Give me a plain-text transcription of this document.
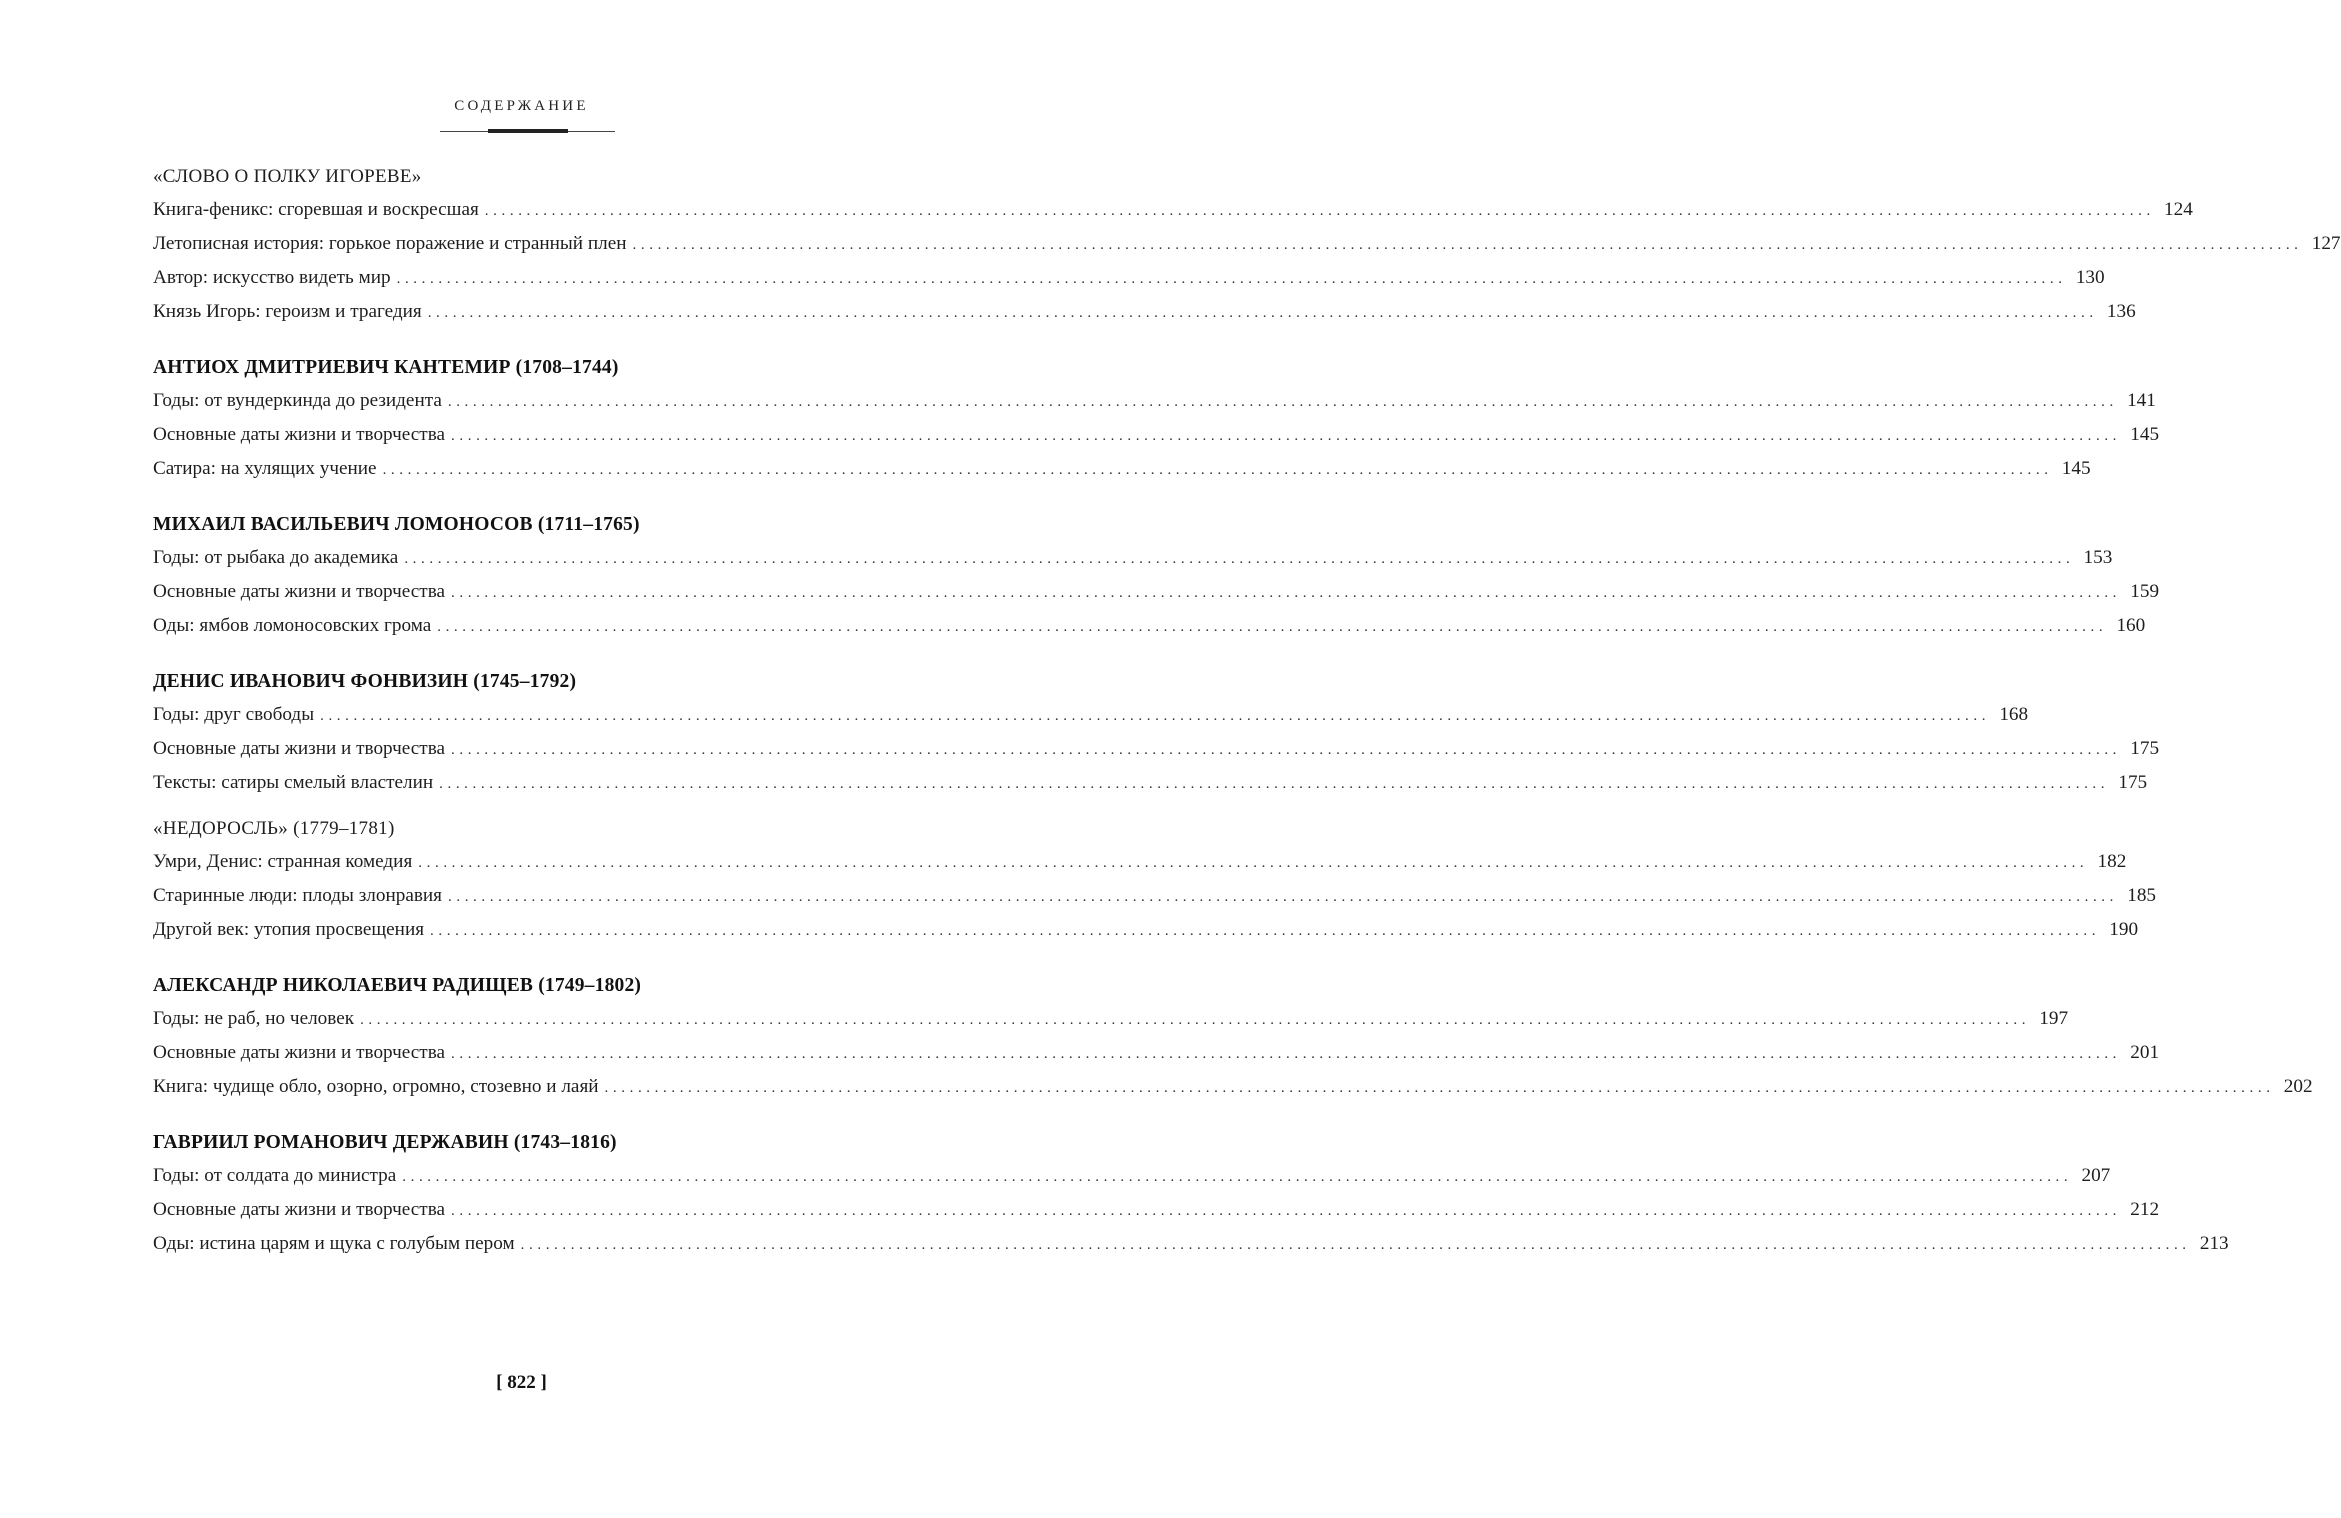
СОДЕРЖАНИЕ
«СЛОВО О ПОЛКУ ИГОРЕВЕ»
Книга-феникс: сгоревшая и воскресшая ........................................................................................................................................................................................................ 124
Летописная история: горькое поражение и странный плен ........................................................................................................................................................................................................ 127
Автор: искусство видеть мир ........................................................................................................................................................................................................ 130
Князь Игорь: героизм и трагедия ........................................................................................................................................................................................................ 136
АНТИОХ ДМИТРИЕВИЧ КАНТЕМИР (1708–1744)
Годы: от вундеркинда до резидента ........................................................................................................................................................................................................ 141
Основные даты жизни и творчества ........................................................................................................................................................................................................ 145
Сатира: на хулящих учение ........................................................................................................................................................................................................ 145
МИХАИЛ ВАСИЛЬЕВИЧ ЛОМОНОСОВ (1711–1765)
Годы: от рыбака до академика ........................................................................................................................................................................................................ 153
Основные даты жизни и творчества ........................................................................................................................................................................................................ 159
Оды: ямбов ломоносовских грома ........................................................................................................................................................................................................ 160
ДЕНИС ИВАНОВИЧ ФОНВИЗИН (1745–1792)
Годы: друг свободы ........................................................................................................................................................................................................ 168
Основные даты жизни и творчества ........................................................................................................................................................................................................ 175
Тексты: сатиры смелый властелин ........................................................................................................................................................................................................ 175
«НЕДОРОСЛЬ» (1779–1781)
Умри, Денис: странная комедия ........................................................................................................................................................................................................ 182
Старинные люди: плоды злонравия ........................................................................................................................................................................................................ 185
Другой век: утопия просвещения ........................................................................................................................................................................................................ 190
АЛЕКСАНДР НИКОЛАЕВИЧ РАДИЩЕВ (1749–1802)
Годы: не раб, но человек ........................................................................................................................................................................................................ 197
Основные даты жизни и творчества ........................................................................................................................................................................................................ 201
Книга: чудище обло, озорно, огромно, стозевно и лаяй ........................................................................................................................................................................................................ 202
ГАВРИИЛ РОМАНОВИЧ ДЕРЖАВИН (1743–1816)
Годы: от солдата до министра ........................................................................................................................................................................................................ 207
Основные даты жизни и творчества ........................................................................................................................................................................................................ 212
Оды: истина царям и щука с голубым пером ........................................................................................................................................................................................................ 213
[ 822 ]
